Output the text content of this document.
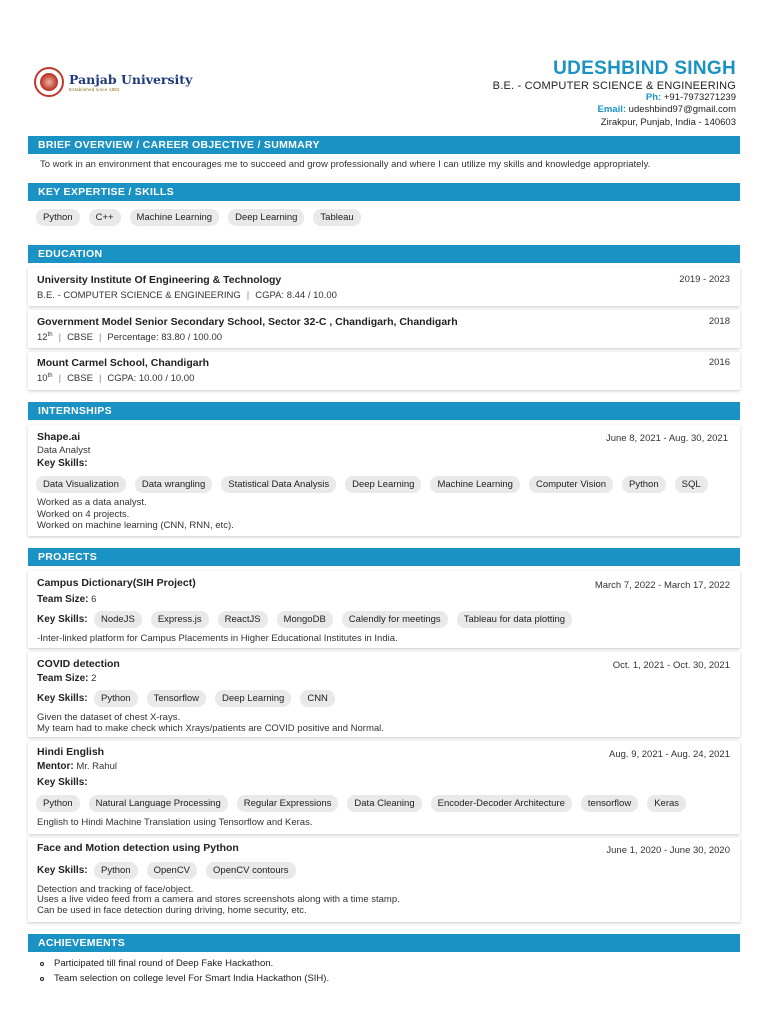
Panjab University
Established since 1882
UDESHBIND SINGH
B.E. - COMPUTER SCIENCE & ENGINEERING
Ph: +91-7973271239
Email: udeshbind97@gmail.com
Zirakpur, Punjab, India - 140603
BRIEF OVERVIEW / CAREER OBJECTIVE / SUMMARY
To work in an environment that encourages me to succeed and grow professionally and where I can utilize my skills and knowledge appropriately.
KEY EXPERTISE / SKILLS
Python	C++	Machine Learning	Deep Learning	Tableau
EDUCATION
University Institute Of Engineering & Technology	2019 - 2023
B.E. - COMPUTER SCIENCE & ENGINEERING | CGPA: 8.44 / 10.00
Government Model Senior Secondary School, Sector 32-C , Chandigarh, Chandigarh	2018
12th | CBSE | Percentage: 83.80 / 100.00
Mount Carmel School, Chandigarh	2016
10th | CBSE | CGPA: 10.00 / 10.00
INTERNSHIPS
Shape.ai	June 8, 2021 - Aug. 30, 2021
Data Analyst
Key Skills:
Data Visualization	Data wrangling	Statistical Data Analysis	Deep Learning	Machine Learning	Computer Vision	Python	SQL
Worked as a data analyst.
Worked on 4 projects.
Worked on machine learning (CNN, RNN, etc).
PROJECTS
Campus Dictionary(SIH Project)	March 7, 2022 - March 17, 2022
Team Size: 6
Key Skills:	NodeJS	Express.js	ReactJS	MongoDB	Calendly for meetings	Tableau for data plotting
-Inter-linked platform for Campus Placements in Higher Educational Institutes in India.
COVID detection	Oct. 1, 2021 - Oct. 30, 2021
Team Size: 2
Key Skills:	Python	Tensorflow	Deep Learning	CNN
Given the dataset of chest X-rays.
My team had to make check which Xrays/patients are COVID positive and Normal.
Hindi English	Aug. 9, 2021 - Aug. 24, 2021
Mentor: Mr. Rahul
Key Skills:
Python	Natural Language Processing	Regular Expressions	Data Cleaning	Encoder-Decoder Architecture	tensorflow	Keras
English to Hindi Machine Translation using Tensorflow and Keras.
Face and Motion detection using Python	June 1, 2020 - June 30, 2020
Key Skills:	Python	OpenCV	OpenCV contours
Detection and tracking of face/object.
Uses a live video feed from a camera and stores screenshots along with a time stamp.
Can be used in face detection during driving, home security, etc.
ACHIEVEMENTS
Participated till final round of Deep Fake Hackathon.
Team selection on college level For Smart India Hackathon (SIH).
